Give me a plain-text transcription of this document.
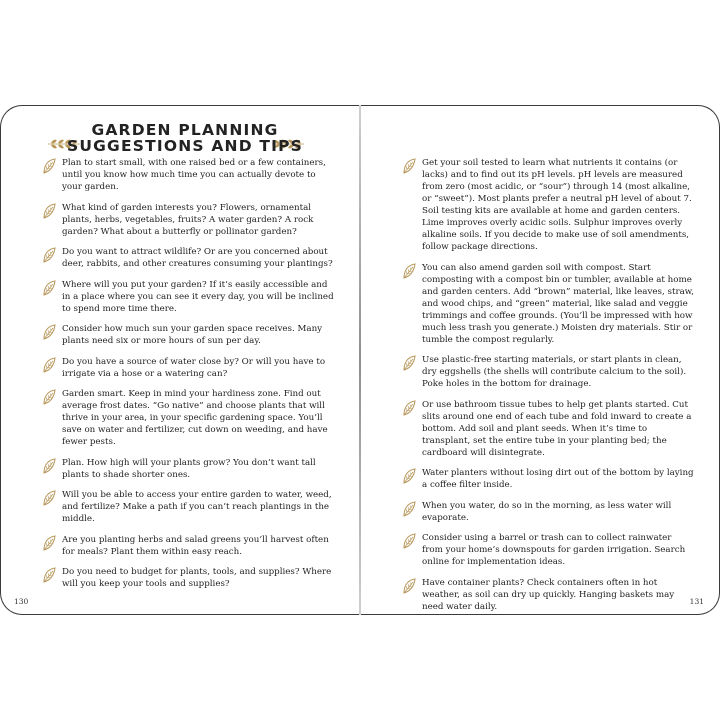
GARDEN PLANNING SUGGESTIONS AND TIPS
Plan to start small, with one raised bed or a few containers, until you know how much time you can actually devote to your garden.
What kind of garden interests you? Flowers, ornamental plants, herbs, vegetables, fruits? A water garden? A rock garden? What about a butterfly or pollinator garden?
Do you want to attract wildlife? Or are you concerned about deer, rabbits, and other creatures consuming your plantings?
Where will you put your garden? If it’s easily accessible and in a place where you can see it every day, you will be inclined to spend more time there.
Consider how much sun your garden space receives. Many plants need six or more hours of sun per day.
Do you have a source of water close by? Or will you have to irrigate via a hose or a watering can?
Garden smart. Keep in mind your hardiness zone. Find out average frost dates. “Go native” and choose plants that will thrive in your area, in your specific gardening space. You’ll save on water and fertilizer, cut down on weeding, and have fewer pests.
Plan. How high will your plants grow? You don’t want tall plants to shade shorter ones.
Will you be able to access your entire garden to water, weed, and fertilize? Make a path if you can’t reach plantings in the middle.
Are you planting herbs and salad greens you’ll harvest often for meals? Plant them within easy reach.
Do you need to budget for plants, tools, and supplies? Where will you keep your tools and supplies?
Get your soil tested to learn what nutrients it contains (or lacks) and to find out its pH levels. pH levels are measured from zero (most acidic, or “sour”) through 14 (most alkaline, or “sweet”). Most plants prefer a neutral pH level of about 7. Soil testing kits are available at home and garden centers. Lime improves overly acidic soils. Sulphur improves overly alkaline soils. If you decide to make use of soil amendments, follow package directions.
You can also amend garden soil with compost. Start composting with a compost bin or tumbler, available at home and garden centers. Add “brown” material, like leaves, straw, and wood chips, and “green” material, like salad and veggie trimmings and coffee grounds. (You’ll be impressed with how much less trash you generate.) Moisten dry materials. Stir or tumble the compost regularly.
Use plastic-free starting materials, or start plants in clean, dry eggshells (the shells will contribute calcium to the soil). Poke holes in the bottom for drainage.
Or use bathroom tissue tubes to help get plants started. Cut slits around one end of each tube and fold inward to create a bottom. Add soil and plant seeds. When it’s time to transplant, set the entire tube in your planting bed; the cardboard will disintegrate.
Water planters without losing dirt out of the bottom by laying a coffee filter inside.
When you water, do so in the morning, as less water will evaporate.
Consider using a barrel or trash can to collect rainwater from your home’s downspouts for garden irrigation. Search online for implementation ideas.
Have container plants? Check containers often in hot weather, as soil can dry up quickly. Hanging baskets may need water daily.
130	131
